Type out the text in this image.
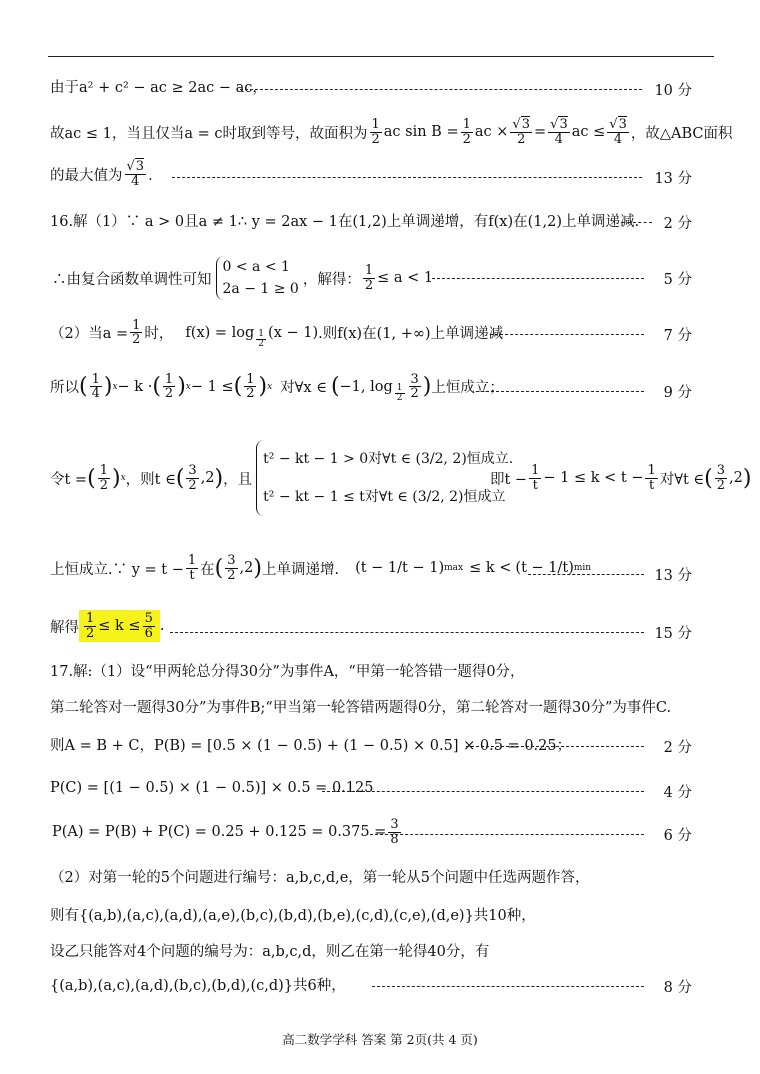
由于a² + c² − ac ≥ 2ac − ac，	10 分
故ac ≤ 1，当且仅当a = c时取到等号，故面积为 $\frac{1}{2}$ ac $\sin B = \frac{1}{2}$ ac × $\frac{√3}{2} = \frac{√3}{4}$ ac ≤ $\frac{√3}{4}$ ，故△ABC面积
的最大值为 $\frac{√3}{4}$ ．	13 分
16.解（1）∵ a > 0且a ≠ 1∴ y = 2ax − 1在(1,2)上单调递增，有f(x)在(1,2)上单调递减. 2 分
∴由复合函数单调性可知
0 < a < 1
2a − 1 ≥ 0
，解得： $\frac{1}{2} \le a < 1$	5 分
（2）当$a = \frac{1}{2}$ 时， $f(x) = \log \frac{1}{2} (x - 1)$ .则f(x)在(1, +∞)上单调递减	7 分
所以 ( $\frac{1}{4}$ ) x − k · ( $\frac{1}{2}$ ) x − 1 ≤ ( $\frac{1}{2}$ ) x 对∀x ∈ ( −1, $\log \frac{1}{2} \frac{3}{2}$ ) 上恒成立；	9 分
令t = ( $\frac{1}{2}$ ) x ，则t ∈ ( $\frac{3}{2} ,2$ ) ，且
t² − kt − 1 > 0对∀t ∈ (3/2, 2)恒成立.
t² − kt − 1 ≤ t对∀t ∈ (3/2, 2)恒成立
即$t - \frac{1}{t} - 1 \le k < t - \frac{1}{t}$ 对∀t ∈ ( $\frac{3}{2} ,2$ )
上恒成立.∵ $y = t - \frac{1}{t}$ 在 ( $\frac{3}{2} ,2$ ) 上单调递增. (t − 1/t − 1) max ≤ k < (t − 1/t) min	13 分
解得 $\frac{1}{2} \le k \le \frac{5}{6}$ .	15 分
17.解:（1）设“甲两轮总分得30分”为事件A，“甲第一轮答错一题得0分，
第二轮答对一题得30分”为事件B;“甲当第一轮答错两题得0分，第二轮答对一题得30分”为事件C.
则A = B + C，P(B) = [0.5 × (1 − 0.5) + (1 − 0.5) × 0.5] × 0.5 = 0.25；	2 分
P(C) = [(1 − 0.5) × (1 − 0.5)] × 0.5 = 0.125	4 分
$P(A) = P(B) + P(C) = 0.25 + 0.125 = 0.375 = \frac{3}{8}$	6 分
（2）对第一轮的5个问题进行编号：a,b,c,d,e，第一轮从5个问题中任选两题作答，
则有{(a,b),(a,c),(a,d),(a,e),(b,c),(b,d),(b,e),(c,d),(c,e),(d,e)}共10种，
设乙只能答对4个问题的编号为：a,b,c,d，则乙在第一轮得40分，有
{(a,b),(a,c),(a,d),(b,c),(b,d),(c,d)}共6种，	8 分
高二数学学科 答案 第 2页(共 4 页)
